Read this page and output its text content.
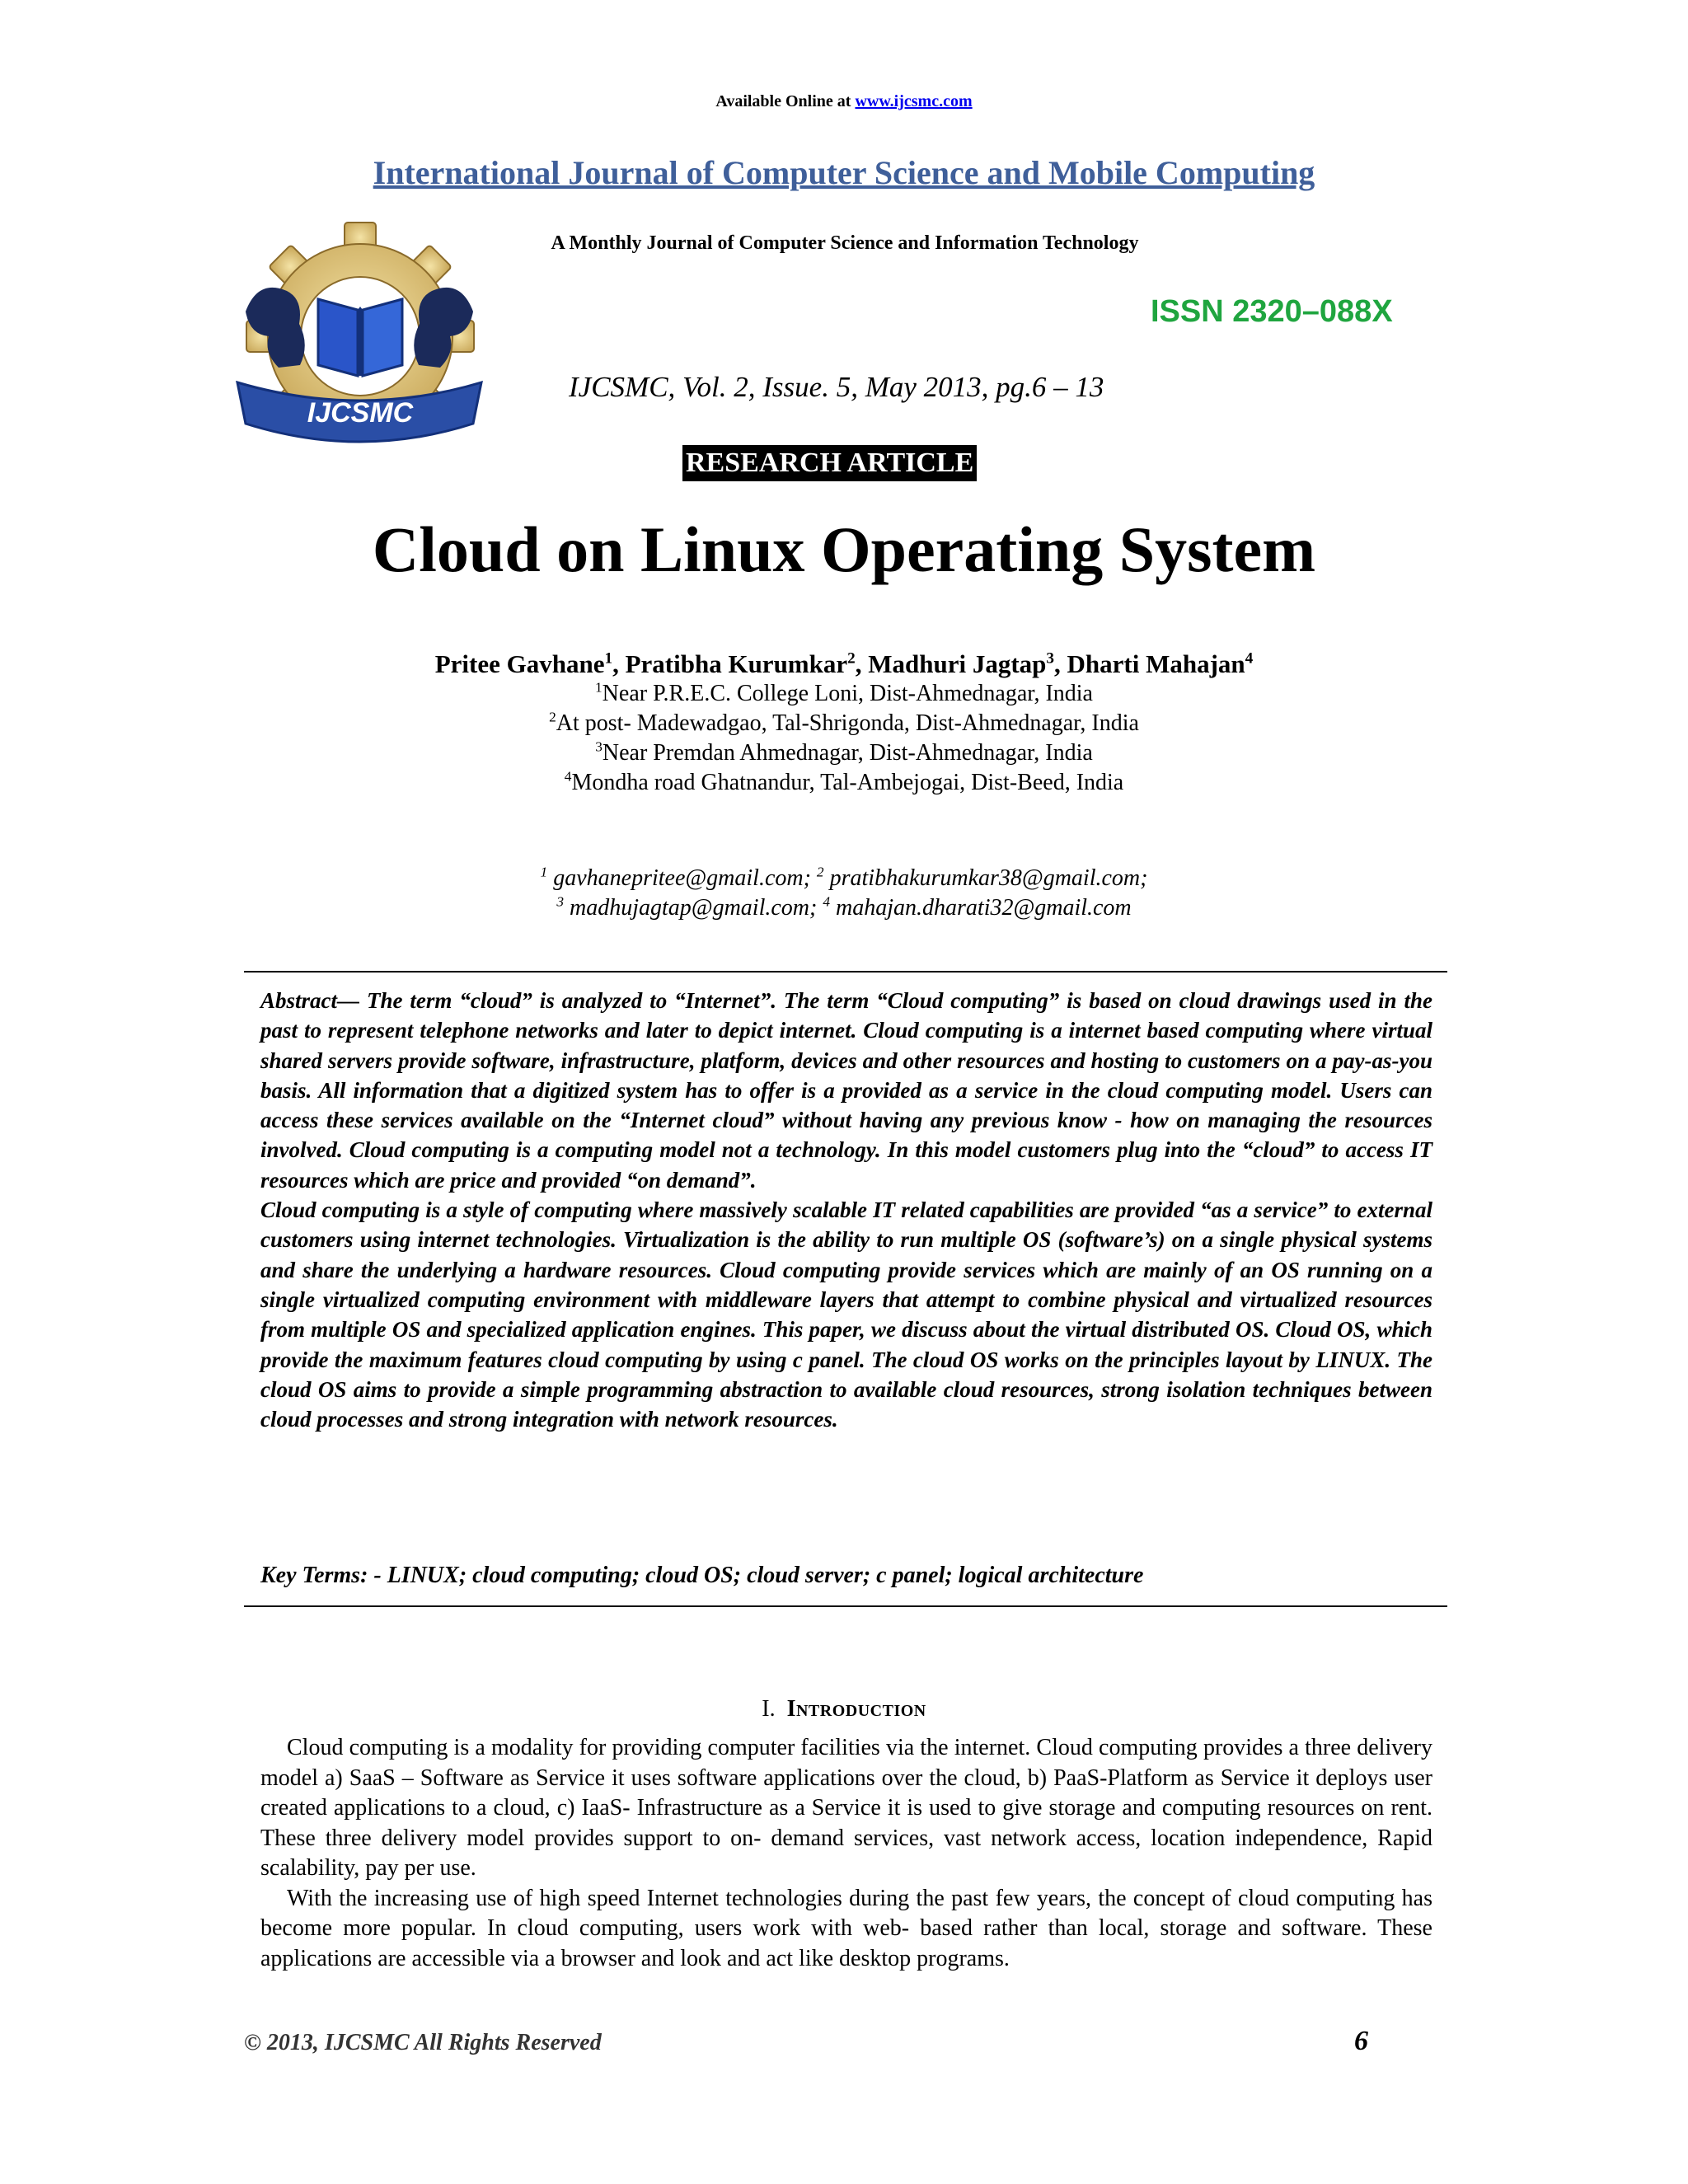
Available Online at www.ijcsmc.com
International Journal of Computer Science and Mobile Computing
A Monthly Journal of Computer Science and Information Technology
ISSN 2320–088X
IJCSMC
IJCSMC, Vol. 2, Issue. 5, May 2013, pg.6 – 13
RESEARCH ARTICLE
Cloud on Linux Operating System
Pritee Gavhane$^1$, Pratibha Kurumkar$^2$, Madhuri Jagtap$^3$, Dharti Mahajan$^4$
$^1$Near P.R.E.C. College Loni, Dist-Ahmednagar, India
$^2$At post- Madewadgao, Tal-Shrigonda, Dist-Ahmednagar, India
$^3$Near Premdan Ahmednagar, Dist-Ahmednagar, India
$^4$Mondha road Ghatnandur, Tal-Ambejogai, Dist-Beed, India
$^1$ gavhanepritee@gmail.com; $^2$ pratibhakurumkar38@gmail.com;
$^3$ madhujagtap@gmail.com; $^4$ mahajan.dharati32@gmail.com

Abstract— The term “cloud” is analyzed to “Internet”. The term “Cloud computing” is based on cloud drawings used in the past to represent telephone networks and later to depict internet. Cloud computing is a internet based computing where virtual shared servers provide software, infrastructure, platform, devices and other resources and hosting to customers on a pay-as-you basis. All information that a digitized system has to offer is a provided as a service in the cloud computing model. Users can access these services available on the “Internet cloud” without having any previous know - how on managing the resources involved. Cloud computing is a computing model not a technology. In this model customers plug into the “cloud” to access IT resources which are price and provided “on demand”.

Cloud computing is a style of computing where massively scalable IT related capabilities are provided “as a service” to external customers using internet technologies. Virtualization is the ability to run multiple OS (software’s) on a single physical systems and share the underlying a hardware resources. Cloud computing provide services which are mainly of an OS running on a single virtualized computing environment with middleware layers that attempt to combine physical and virtualized resources from multiple OS and specialized application engines. This paper, we discuss about the virtual distributed OS. Cloud OS, which provide the maximum features cloud computing by using c panel. The cloud OS works on the principles layout by LINUX. The cloud OS aims to provide a simple programming abstraction to available cloud resources, strong isolation techniques between cloud processes and strong integration with network resources.

Key Terms: - LINUX; cloud computing; cloud OS; cloud server; c panel; logical architecture
I. Introduction

Cloud computing is a modality for providing computer facilities via the internet. Cloud computing provides a three delivery model a) SaaS – Software as Service it uses software applications over the cloud, b) PaaS-Platform as Service it deploys user created applications to a cloud, c) IaaS- Infrastructure as a Service it is used to give storage and computing resources on rent. These three delivery model provides support to on- demand services, vast network access, location independence, Rapid scalability, pay per use.

With the increasing use of high speed Internet technologies during the past few years, the concept of cloud computing has become more popular. In cloud computing, users work with web- based rather than local, storage and software. These applications are accessible via a browser and look and act like desktop programs.

© 2013, IJCSMC All Rights Reserved	6
